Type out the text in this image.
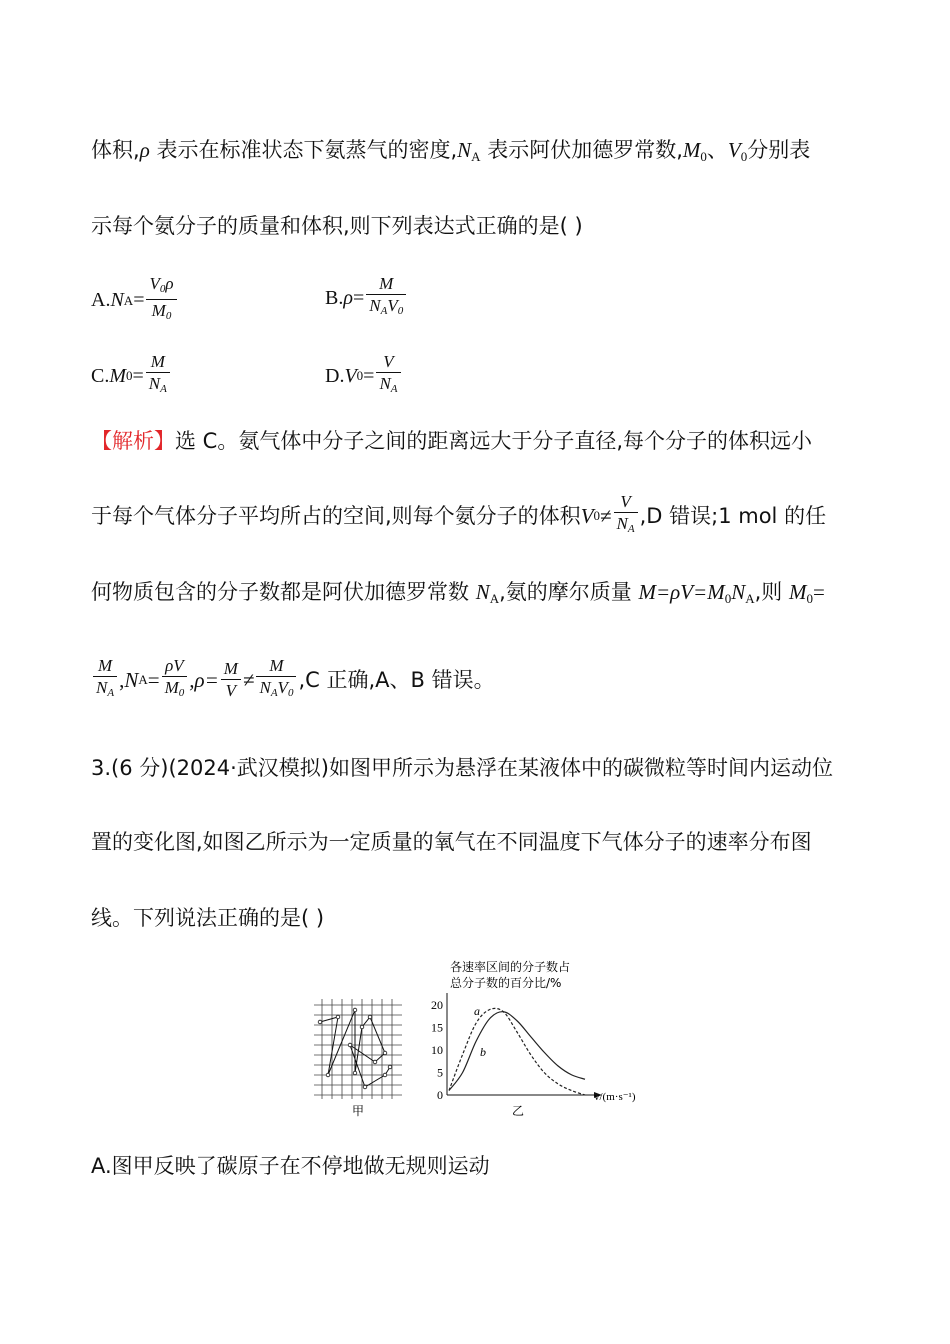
体积,ρ 表示在标准状态下氨蒸气的密度$,N_A$ 表示阿伏加德罗常数$,M_0$、$V_0$分别表
示每个氨分子的质量和体积,则下列表达式正确的是( )
A. N $A = \frac{V0\rho}{M0}$	B. $\rho = \frac{M}{\text{NAV0}}$
C. M $0 = \frac{M}{NA}$	D. V $0 = \frac{V}{NA}$
【解析】选 C。氨气体中分子之间的距离远大于分子直径,每个分子的体积远小
于每个气体分子平均所占的空间,则每个氨分子的体积 V $0 \ne \frac{V}{NA} ,D$ 错误;1 mol 的任
何物质包含的分子数都是阿伏加德罗常数 $N_A$,氨的摩尔质量 $M=\rho V=M_0N_A$,则 $M_0=$
$\frac{M}{NA}$ , N $A = \frac{\rho V}{M0} ,\rho= \frac{M}{V} \ne \frac{M}{\text{NAV0}} ,C$ 正确,A、B 错误。
3.(6 分)(2024·武汉模拟)如图甲所示为悬浮在某液体中的碳微粒等时间内运动位
置的变化图,如图乙所示为一定质量的氧气在不同温度下气体分子的速率分布图
线。下列说法正确的是( )
甲
各速率区间的分子数占
总分子数的百分比/%
0
5
10
15
20	a
b
v/(m·s⁻¹)
乙
A.图甲反映了碳原子在不停地做无规则运动
